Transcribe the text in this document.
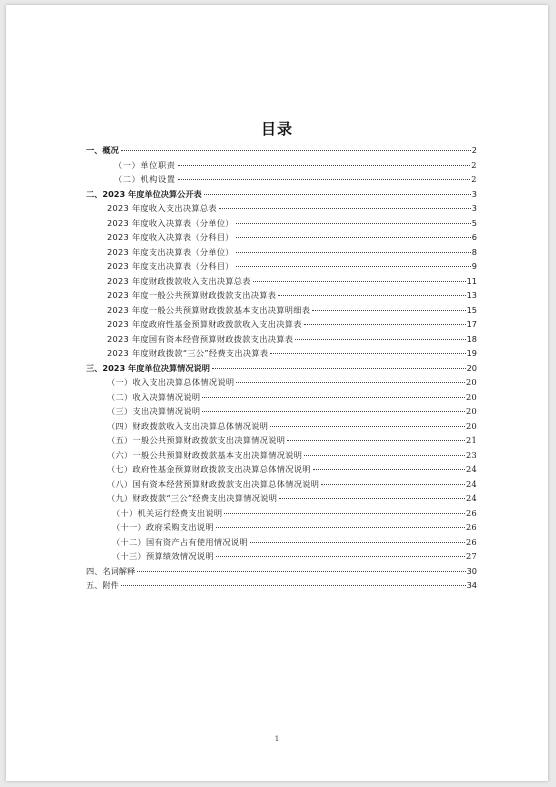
目录
一、概况	2
（一）单位职责	2
（二）机构设置	2
二、2023 年度单位决算公开表	3
2023 年度收入支出决算总表	3
2023 年度收入决算表（分单位）	5
2023 年度收入决算表（分科目）	6
2023 年度支出决算表（分单位）	8
2023 年度支出决算表（分科目）	9
2023 年度财政拨款收入支出决算总表	11
2023 年度一般公共预算财政拨款支出决算表	13
2023 年度一般公共预算财政拨款基本支出决算明细表	15
2023 年度政府性基金预算财政拨款收入支出决算表	17
2023 年度国有资本经营预算财政拨款支出决算表	18
2023 年度财政拨款“三公”经费支出决算表	19
三、2023 年度单位决算情况说明	20
（一）收入支出决算总体情况说明	20
（二）收入决算情况说明	20
（三）支出决算情况说明	20
（四）财政拨款收入支出决算总体情况说明	20
（五）一般公共预算财政拨款支出决算情况说明	21
（六）一般公共预算财政拨款基本支出决算情况说明	23
（七）政府性基金预算财政拨款支出决算总体情况说明	24
（八）国有资本经营预算财政拨款支出决算总体情况说明	24
（九）财政拨款“三公”经费支出决算情况说明	24
（十）机关运行经费支出说明	26
（十一）政府采购支出说明	26
（十二）国有资产占有使用情况说明	26
（十三）预算绩效情况说明	27
四、名词解释	30
五、附件	34
1
